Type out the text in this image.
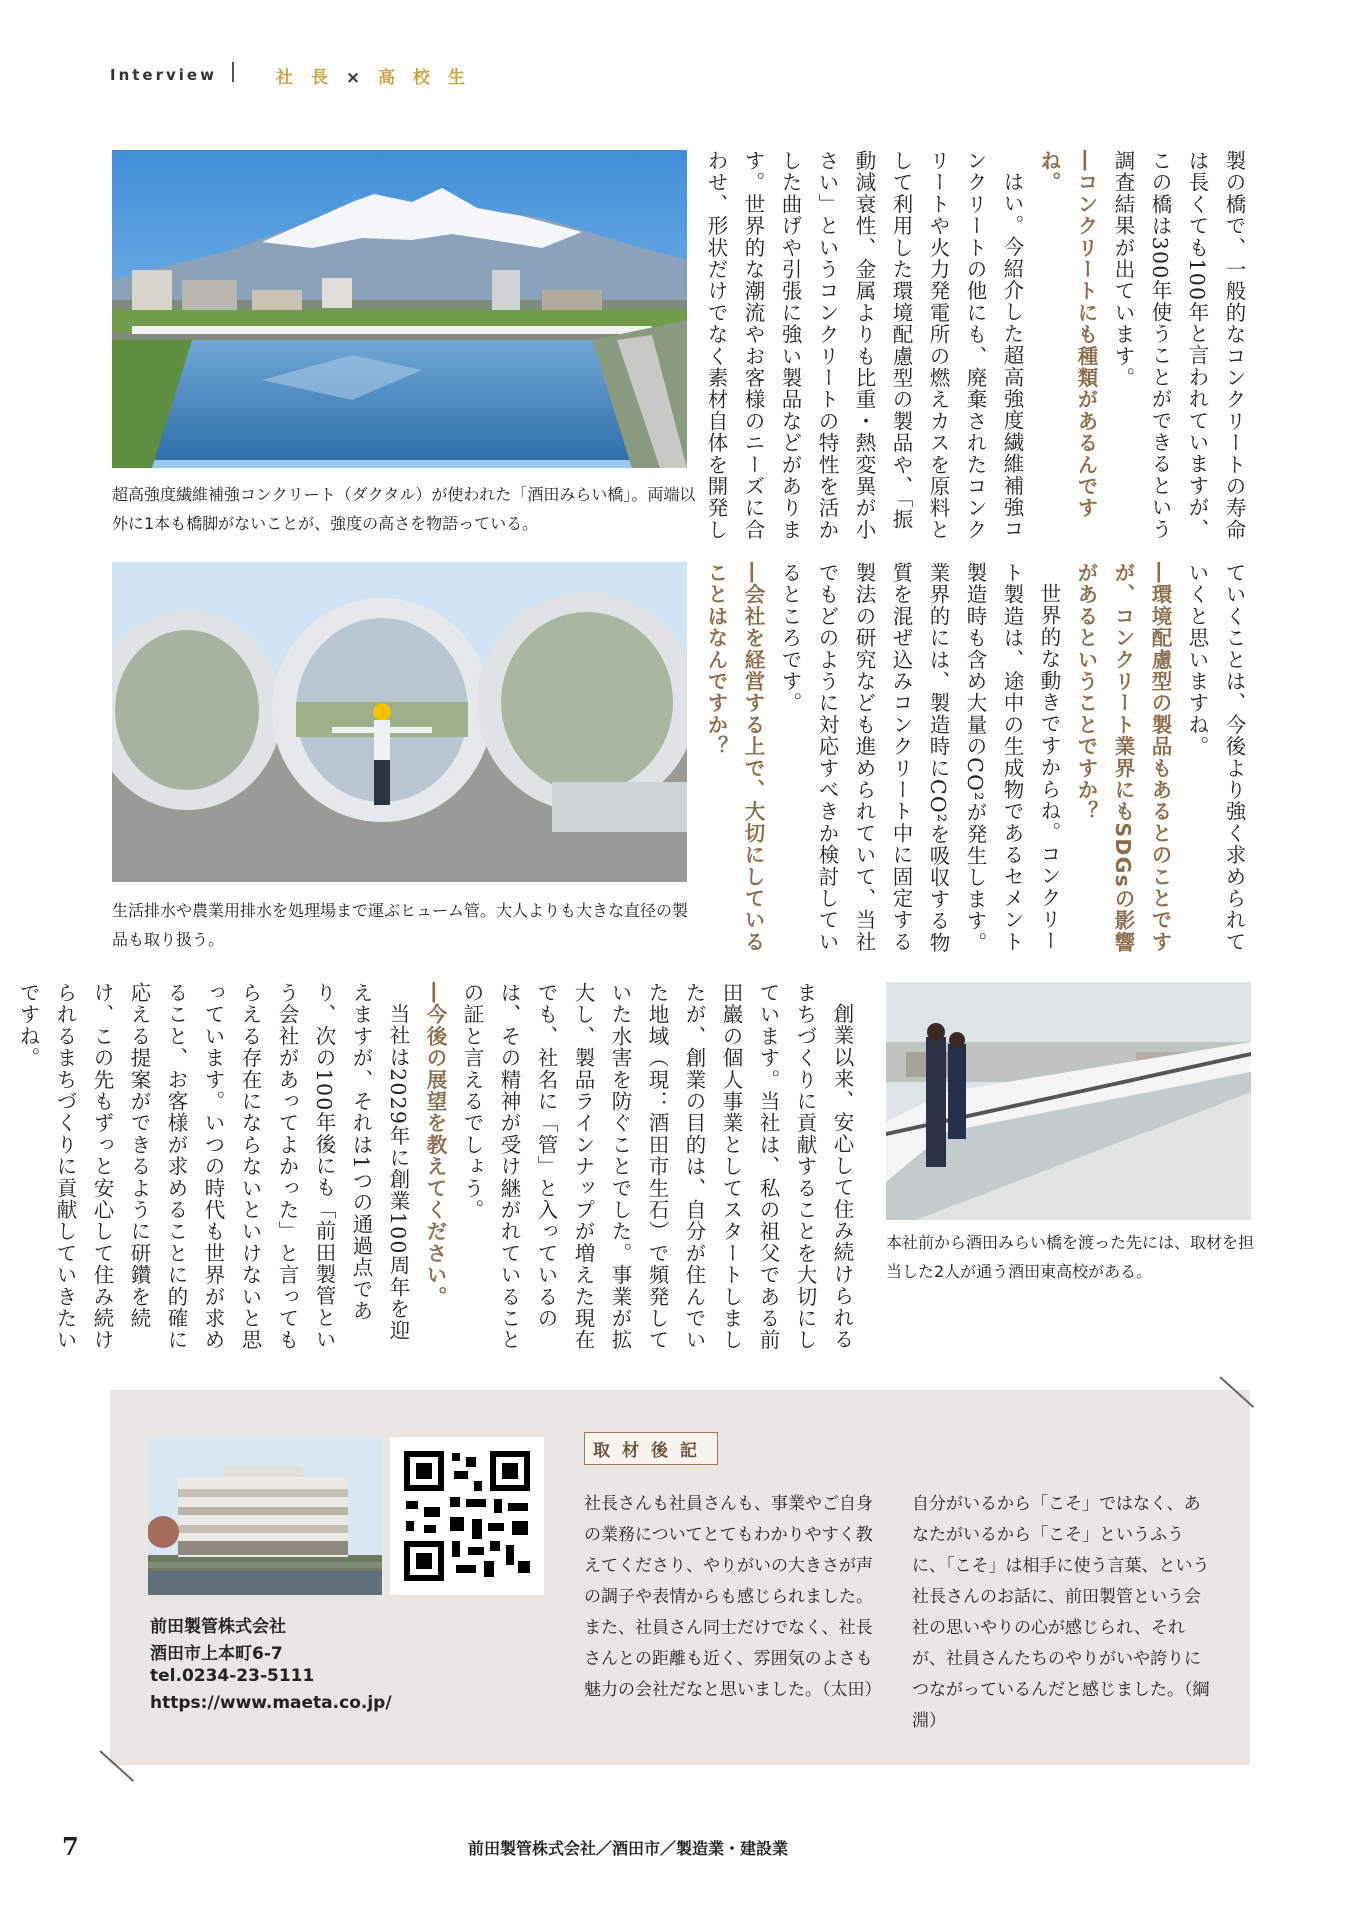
Interview	社 長 × 高 校 生
超高強度繊維補強コンクリート（ダクタル）が使われた「酒田みらい橋」。両端以外に1本も橋脚がないことが、強度の高さを物語っている。
生活排水や農業用排水を処理場まで運ぶヒューム管。大人よりも大きな直径の製品も取り扱う。
本社前から酒田みらい橋を渡った先には、取材を担当した2人が通う酒田東高校がある。

製の橋で、一般的なコンクリートの寿命は長くても100年と言われていますが、この橋は300年使うことができるという調査結果が出ています。

―コンクリートにも種類があるんですね。

はい。今紹介した超高強度繊維補強コンクリートの他にも、廃棄されたコンクリートや火力発電所の燃えカスを原料として利用した環境配慮型の製品や、「振動減衰性、金属よりも比重・熱変異が小さい」というコンクリートの特性を活かした曲げや引張に強い製品などがあります。世界的な潮流やお客様のニーズに合わせ、形状だけでなく素材自体を開発し

ていくことは、今後より強く求められていくと思いますね。

―環境配慮型の製品もあるとのことですが、コンクリート業界にもSDGsの影響があるということですか？

世界的な動きですからね。コンクリート製造は、途中の生成物であるセメント製造時も含め大量のCO²が発生します。業界的には、製造時にCO²を吸収する物質を混ぜ込みコンクリート中に固定する製法の研究なども進められていて、当社でもどのように対応すべきか検討しているところです。

―会社を経営する上で、大切にしていることはなんですか？

創業以来、安心して住み続けられるまちづくりに貢献することを大切にしています。当社は、私の祖父である前田巖の個人事業としてスタートしましたが、創業の目的は、自分が住んでいた地域（現：酒田市生石）で頻発していた水害を防ぐことでした。事業が拡大し、製品ラインナップが増えた現在でも、社名に「管」と入っているのは、その精神が受け継がれていることの証と言えるでしょう。

―今後の展望を教えてください。

当社は2029年に創業100周年を迎えますが、それは1つの通過点であり、次の100年後にも「前田製管という会社があってよかった」と言ってもらえる存在にならないといけないと思っています。いつの時代も世界が求めること、お客様が求めることに的確に応える提案ができるように研鑽を続け、この先もずっと安心して住み続けられるまちづくりに貢献していきたいですね。

前田製管株式会社
酒田市上本町6-7
tel.0234-23-5111
https://www.maeta.co.jp/
取材後記
社長さんも社員さんも、事業やご自身の業務についてとてもわかりやすく教えてくださり、やりがいの大きさが声の調子や表情からも感じられました。また、社員さん同士だけでなく、社長さんとの距離も近く、雰囲気のよさも魅力の会社だなと思いました。（太田）
自分がいるから「こそ」ではなく、あなたがいるから「こそ」というふうに、「こそ」は相手に使う言葉、という社長さんのお話に、前田製管という会社の思いやりの心が感じられ、それが、社員さんたちのやりがいや誇りにつながっているんだと感じました。（綱淵）
7	前田製管株式会社／酒田市／製造業・建設業
